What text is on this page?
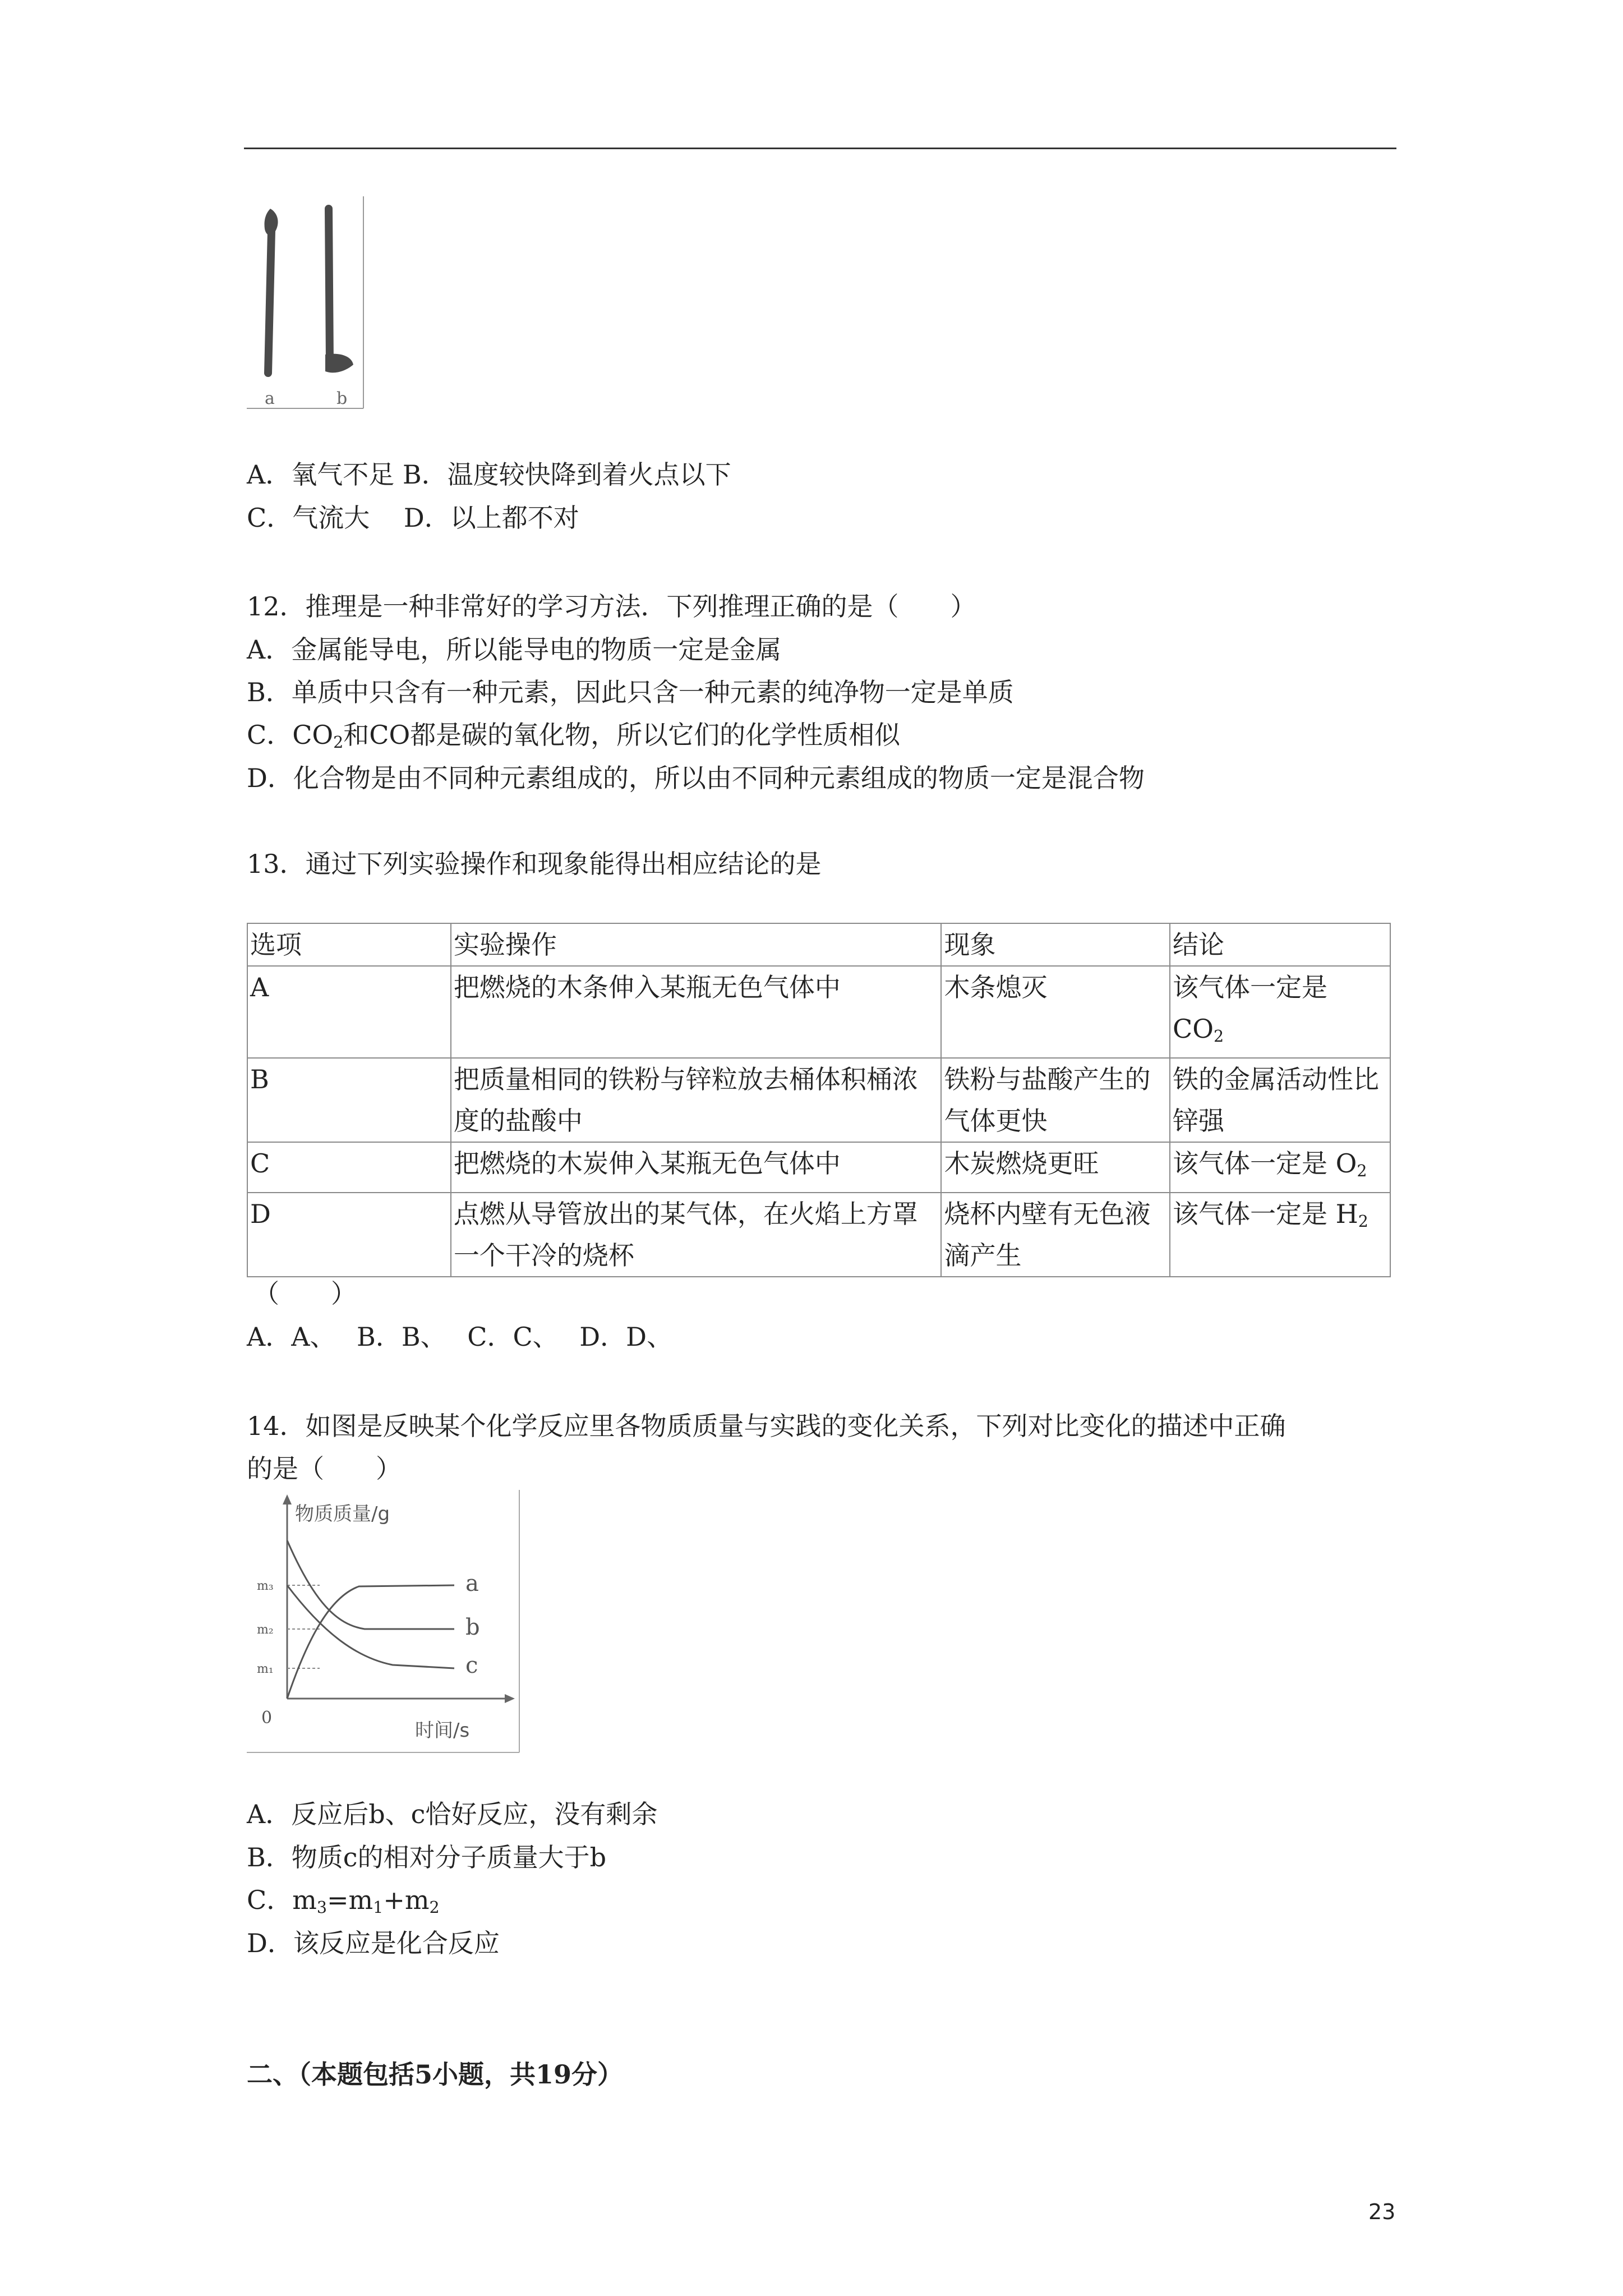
a	b
A．氧气不足 B．温度较快降到着火点以下
C．气流大　 D．以上都不对
12．推理是一种非常好的学习方法．下列推理正确的是（　　）
A．金属能导电，所以能导电的物质一定是金属
B．单质中只含有一种元素，因此只含一种元素的纯净物一定是单质
C．$CO_2$和CO都是碳的氧化物，所以它们的化学性质相似
D．化合物是由不同种元素组成的，所以由不同种元素组成的物质一定是混合物
13．通过下列实验操作和现象能得出相应结论的是
选项	实验操作	现象	结论
A	把燃烧的木条伸入某瓶无色气体中	木条熄灭	该气体一定是
$CO_2$
B	把质量相同的铁粉与锌粒放去桶体积桶浓度的盐酸中	铁粉与盐酸产生的气体更快	铁的金属活动性比锌强
C	把燃烧的木炭伸入某瓶无色气体中	木炭燃烧更旺	该气体一定是 $O_2$
D	点燃从导管放出的某气体，在火焰上方罩一个干冷的烧杯	烧杯内壁有无色液滴产生	该气体一定是 $H_2$
（　　）
A．A、　 B．B、　 C．C、　 D．D、
14．如图是反映某个化学反应里各物质质量与实践的变化关系，下列对比变化的描述中正确
的是（　　）
物质质量/g
时间/s
0
m₃
m₂
m₁
a
b
c
A．反应后b、c恰好反应，没有剩余
B．物质c的相对分子质量大于b
C．$m_3=m_1+m_2$
D．该反应是化合反应
二、（本题包括5小题，共19分）
23
